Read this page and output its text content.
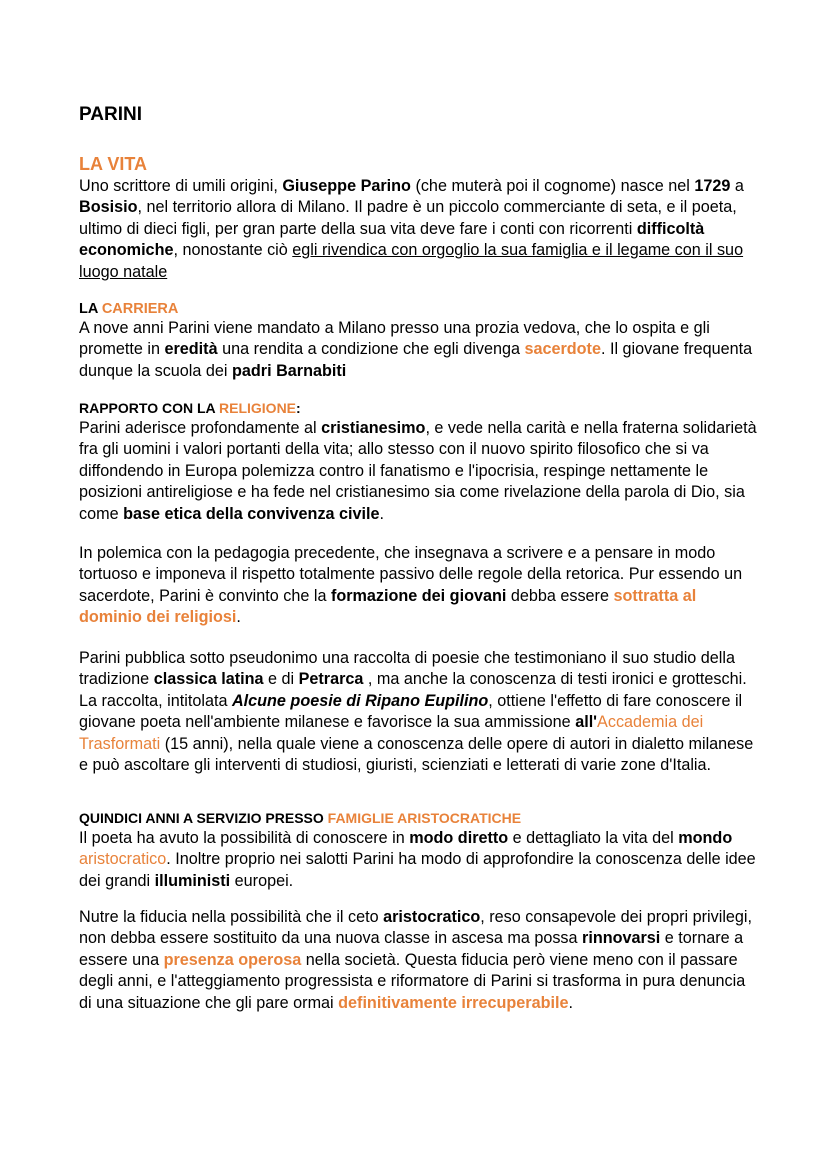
PARINI
LA VITA

Uno scrittore di umili origini, Giuseppe Parino (che muterà poi il cognome) nasce nel 1729 a Bosisio, nel territorio allora di Milano. Il padre è un piccolo commerciante di seta, e il poeta, ultimo di dieci figli, per gran parte della sua vita deve fare i conti con ricorrenti difficoltà economiche, nonostante ciò egli rivendica con orgoglio la sua famiglia e il legame con il suo luogo natale

LA CARRIERA

A nove anni Parini viene mandato a Milano presso una prozia vedova, che lo ospita e gli promette in eredità una rendita a condizione che egli divenga sacerdote. Il giovane frequenta dunque la scuola dei padri Barnabiti

RAPPORTO CON LA RELIGIONE:

Parini aderisce profondamente al cristianesimo, e vede nella carità e nella fraterna solidarietà fra gli uomini i valori portanti della vita; allo stesso con il nuovo spirito filosofico che si va diffondendo in Europa polemizza contro il fanatismo e l'ipocrisia, respinge nettamente le posizioni antireligiose e ha fede nel cristianesimo sia come rivelazione della parola di Dio, sia come base etica della convivenza civile.

In polemica con la pedagogia precedente, che insegnava a scrivere e a pensare in modo tortuoso e imponeva il rispetto totalmente passivo delle regole della retorica. Pur essendo un sacerdote, Parini è convinto che la formazione dei giovani debba essere sottratta al dominio dei religiosi.

Parini pubblica sotto pseudonimo una raccolta di poesie che testimoniano il suo studio della tradizione classica latina e di Petrarca , ma anche la conoscenza di testi ironici e grotteschi. La raccolta, intitolata Alcune poesie di Ripano Eupilino, ottiene l'effetto di fare conoscere il giovane poeta nell'ambiente milanese e favorisce la sua ammissione all'Accademia dei Trasformati (15 anni), nella quale viene a conoscenza delle opere di autori in dialetto milanese e può ascoltare gli interventi di studiosi, giuristi, scienziati e letterati di varie zone d'Italia.

QUINDICI ANNI A SERVIZIO PRESSO FAMIGLIE ARISTOCRATICHE

Il poeta ha avuto la possibilità di conoscere in modo diretto e dettagliato la vita del mondo aristocratico. Inoltre proprio nei salotti Parini ha modo di approfondire la conoscenza delle idee dei grandi illuministi europei.

Nutre la fiducia nella possibilità che il ceto aristocratico, reso consapevole dei propri privilegi, non debba essere sostituito da una nuova classe in ascesa ma possa rinnovarsi e tornare a essere una presenza operosa nella società. Questa fiducia però viene meno con il passare degli anni, e l'atteggiamento progressista e riformatore di Parini si trasforma in pura denuncia di una situazione che gli pare ormai definitivamente irrecuperabile.
